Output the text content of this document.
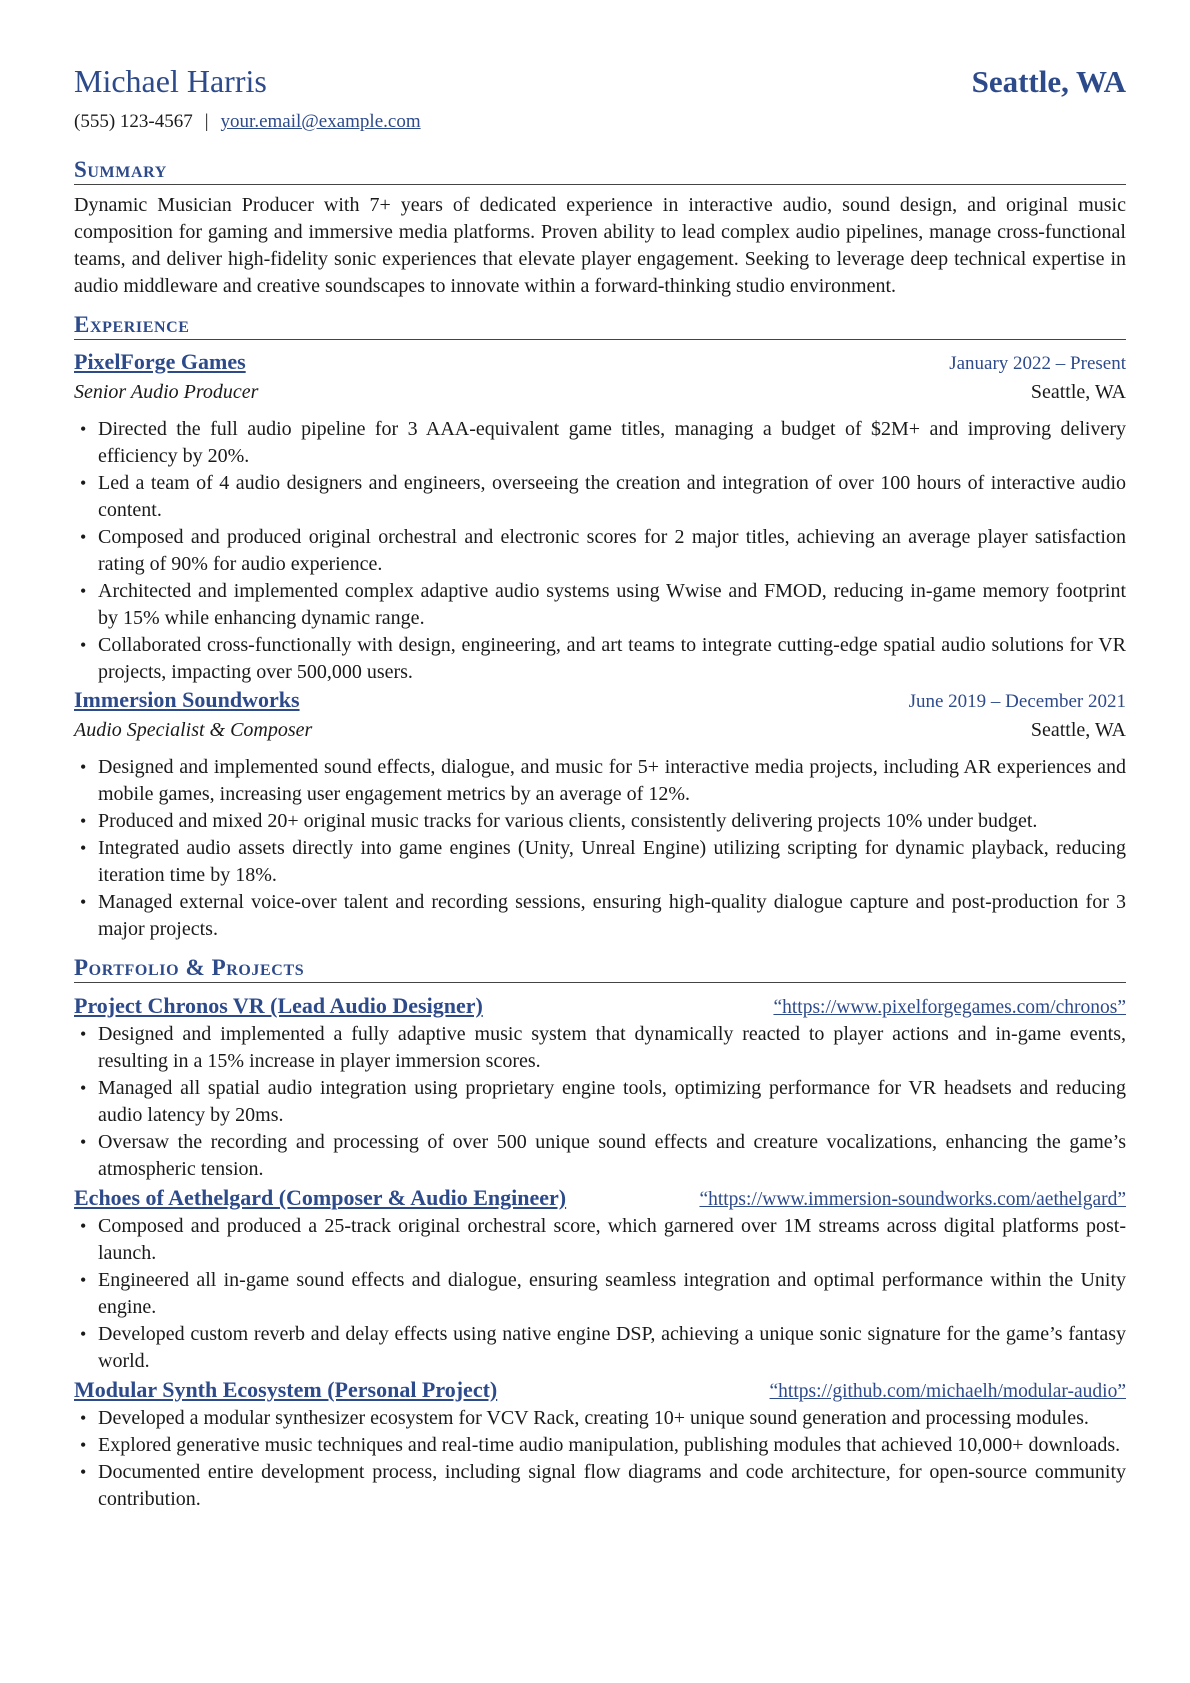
Michael Harris	Seattle, WA
(555) 123-4567 | your.email@example.com
Summary

Dynamic Musician Producer with 7+ years of dedicated experience in interactive audio, sound design, and original music composition for gaming and immersive media platforms. Proven ability to lead complex audio pipelines, manage cross-functional teams, and deliver high-fidelity sonic experiences that elevate player engagement. Seeking to leverage deep technical expertise in audio middleware and creative soundscapes to innovate within a forward-thinking studio environment.

Experience
PixelForge Games	January 2022 – Present
Senior Audio Producer	Seattle, WA
• Directed the full audio pipeline for 3 AAA-equivalent game titles, managing a budget of $2M+ and improving delivery efficiency by 20%.
• Led a team of 4 audio designers and engineers, overseeing the creation and integration of over 100 hours of interactive audio content.
• Composed and produced original orchestral and electronic scores for 2 major titles, achieving an average player satisfaction rating of 90% for audio experience.
• Architected and implemented complex adaptive audio systems using Wwise and FMOD, reducing in-game memory footprint by 15% while enhancing dynamic range.
• Collaborated cross-functionally with design, engineering, and art teams to integrate cutting-edge spatial audio solutions for VR projects, impacting over 500,000 users.
Immersion Soundworks	June 2019 – December 2021
Audio Specialist & Composer	Seattle, WA
• Designed and implemented sound effects, dialogue, and music for 5+ interactive media projects, including AR experiences and mobile games, increasing user engagement metrics by an average of 12%.
• Produced and mixed 20+ original music tracks for various clients, consistently delivering projects 10% under budget.
• Integrated audio assets directly into game engines (Unity, Unreal Engine) utilizing scripting for dynamic playback, reducing iteration time by 18%.
• Managed external voice-over talent and recording sessions, ensuring high-quality dialogue capture and post-production for 3 major projects.
Portfolio & Projects
Project Chronos VR (Lead Audio Designer)	“https://www.pixelforgegames.com/chronos”
• Designed and implemented a fully adaptive music system that dynamically reacted to player actions and in-game events, resulting in a 15% increase in player immersion scores.
• Managed all spatial audio integration using proprietary engine tools, optimizing performance for VR headsets and reducing audio latency by 20ms.
• Oversaw the recording and processing of over 500 unique sound effects and creature vocalizations, enhancing the game’s atmospheric tension.
Echoes of Aethelgard (Composer & Audio Engineer)	“https://www.immersion-soundworks.com/aethelgard”
• Composed and produced a 25-track original orchestral score, which garnered over 1M streams across digital platforms post-launch.
• Engineered all in-game sound effects and dialogue, ensuring seamless integration and optimal performance within the Unity engine.
• Developed custom reverb and delay effects using native engine DSP, achieving a unique sonic signature for the game’s fantasy world.
Modular Synth Ecosystem (Personal Project)	“https://github.com/michaelh/modular-audio”
• Developed a modular synthesizer ecosystem for VCV Rack, creating 10+ unique sound generation and processing modules.
• Explored generative music techniques and real-time audio manipulation, publishing modules that achieved 10,000+ downloads.
• Documented entire development process, including signal flow diagrams and code architecture, for open-source community contribution.
